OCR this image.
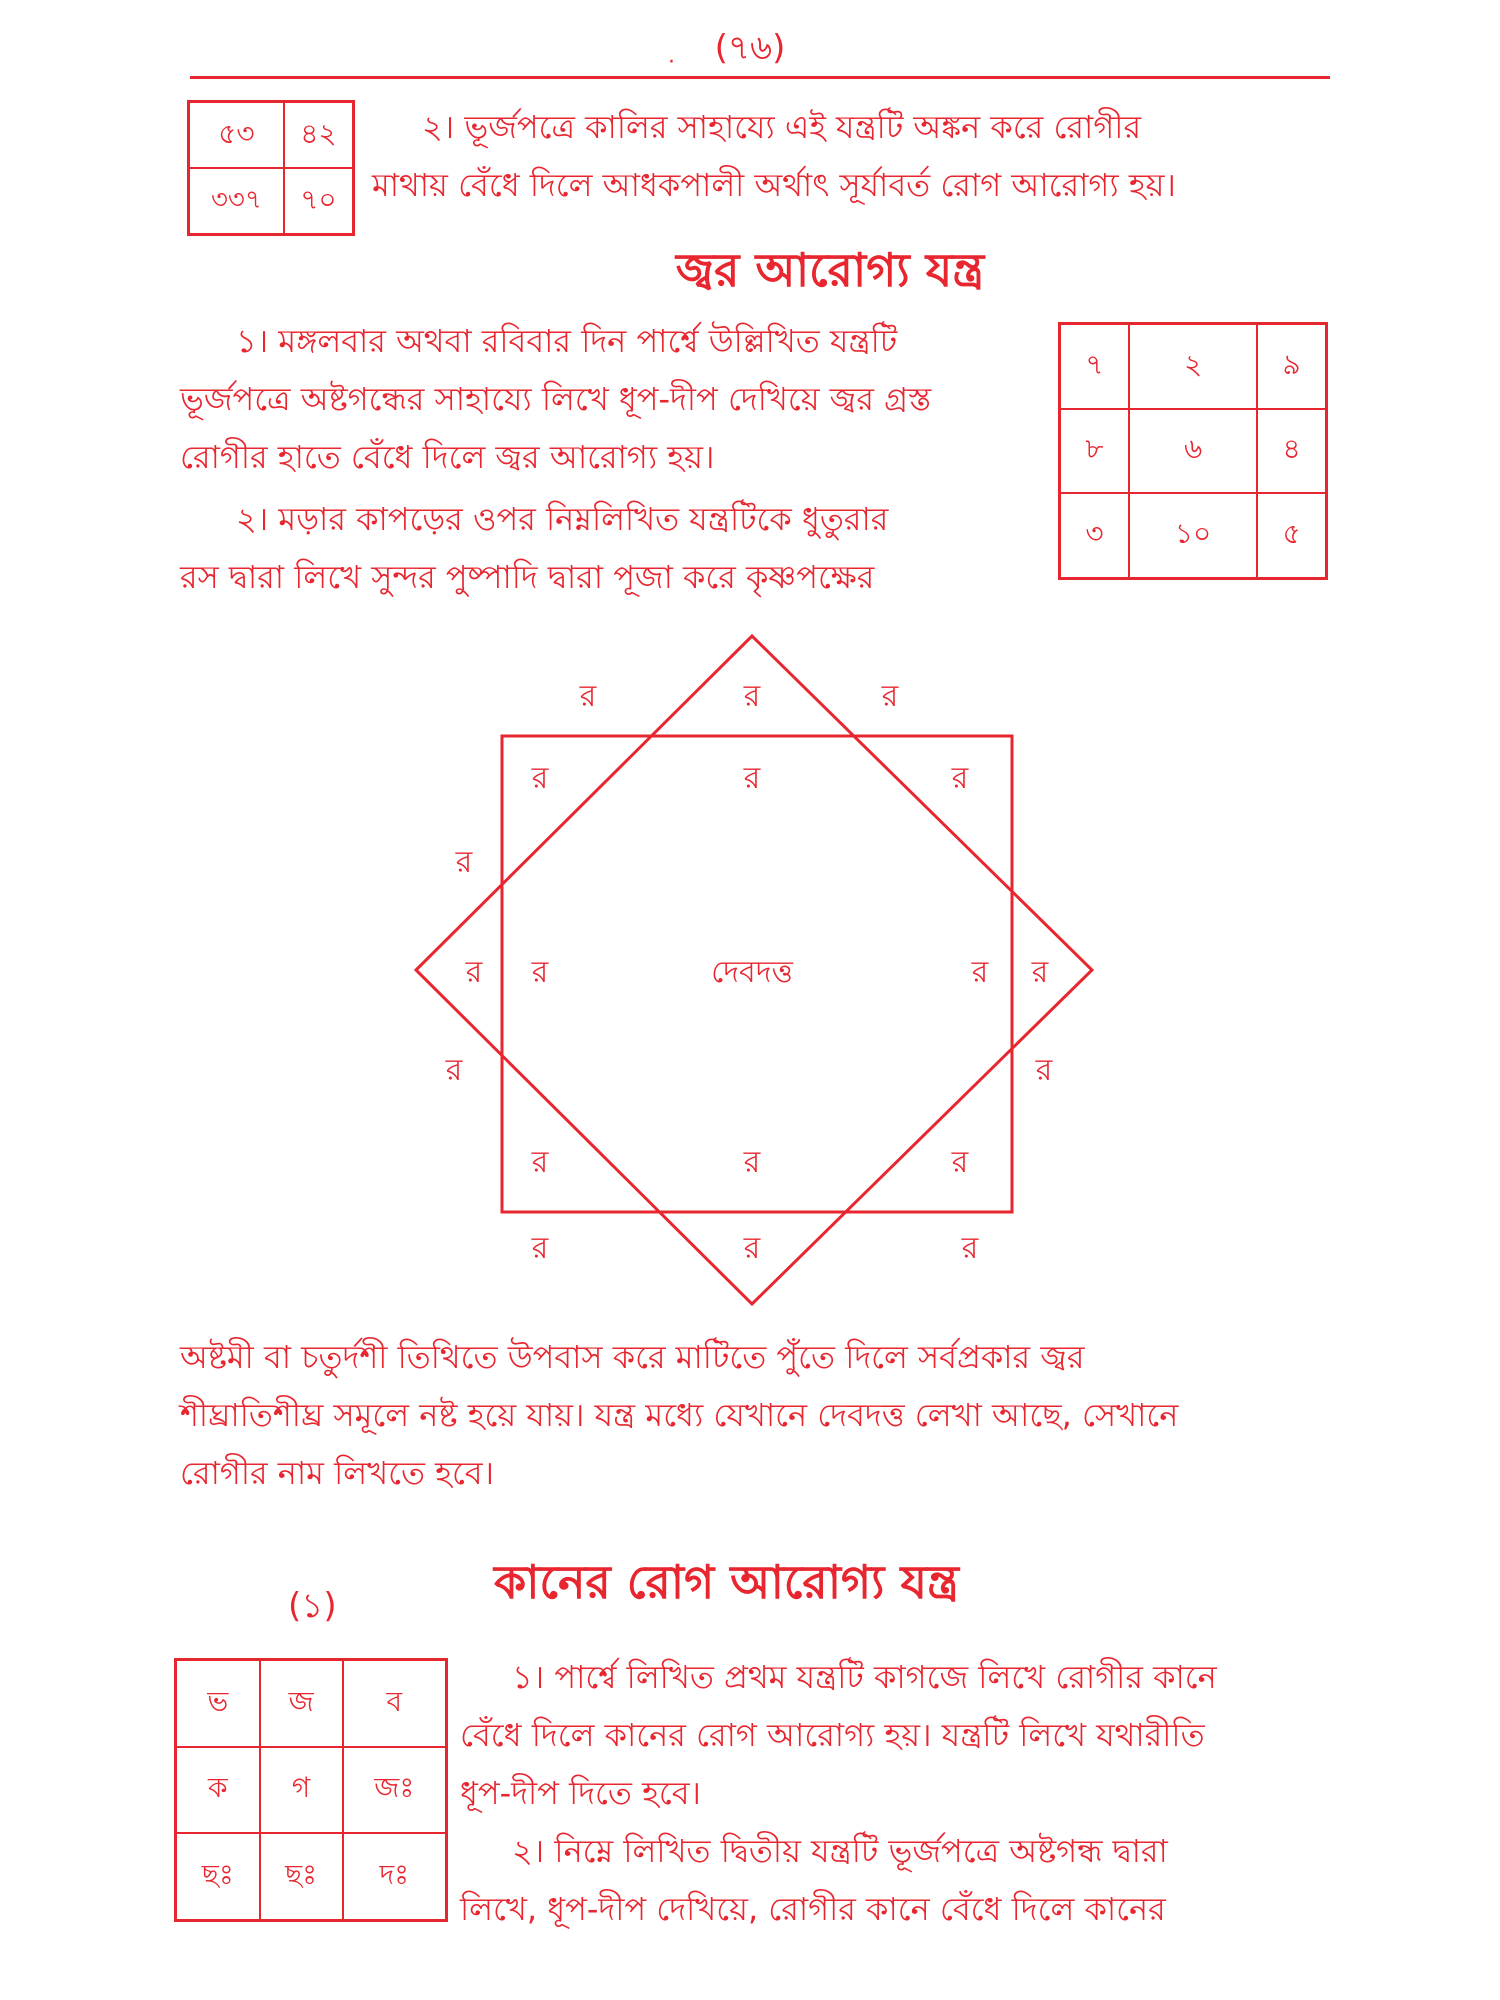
(৭৬)
·
৫৩	৪২
৩৩৭	৭০
২। ভূর্জপত্রে কালির সাহায্যে এই যন্ত্রটি অঙ্কন করে রোগীর
মাথায় বেঁধে দিলে আধকপালী অর্থাৎ সূর্যাবর্ত রোগ আরোগ্য হয়।
জ্বর আরোগ্য যন্ত্র
১। মঙ্গলবার অথবা রবিবার দিন পার্শ্বে উল্লিখিত যন্ত্রটি
ভূর্জপত্রে অষ্টগন্ধের সাহায্যে লিখে ধূপ-দীপ দেখিয়ে জ্বর গ্রস্ত
রোগীর হাতে বেঁধে দিলে জ্বর আরোগ্য হয়।
২। মড়ার কাপড়ের ওপর নিম্নলিখিত যন্ত্রটিকে ধুতুরার
রস দ্বারা লিখে সুন্দর পুষ্পাদি দ্বারা পূজা করে কৃষ্ণপক্ষের
৭	২	৯
৮	৬	৪
৩	১০	৫
র	র	র
র	র	র
র
র র	র র
র	র
র	র	র
র	র	র
দেবদত্ত
অষ্টমী বা চতুর্দশী তিথিতে উপবাস করে মাটিতে পুঁতে দিলে সর্বপ্রকার জ্বর
শীঘ্রাতিশীঘ্র সমূলে নষ্ট হয়ে যায়। যন্ত্র মধ্যে যেখানে দেবদত্ত লেখা আছে, সেখানে
রোগীর নাম লিখতে হবে।
(১)	কানের রোগ আরোগ্য যন্ত্র
ভ	জ	ব
ক	গ	জঃ
ছঃ	ছঃ	দঃ
১। পার্শ্বে লিখিত প্রথম যন্ত্রটি কাগজে লিখে রোগীর কানে
বেঁধে দিলে কানের রোগ আরোগ্য হয়। যন্ত্রটি লিখে যথারীতি
ধূপ-দীপ দিতে হবে।
২। নিম্নে লিখিত দ্বিতীয় যন্ত্রটি ভূর্জপত্রে অষ্টগন্ধ দ্বারা
লিখে, ধূপ-দীপ দেখিয়ে, রোগীর কানে বেঁধে দিলে কানের
